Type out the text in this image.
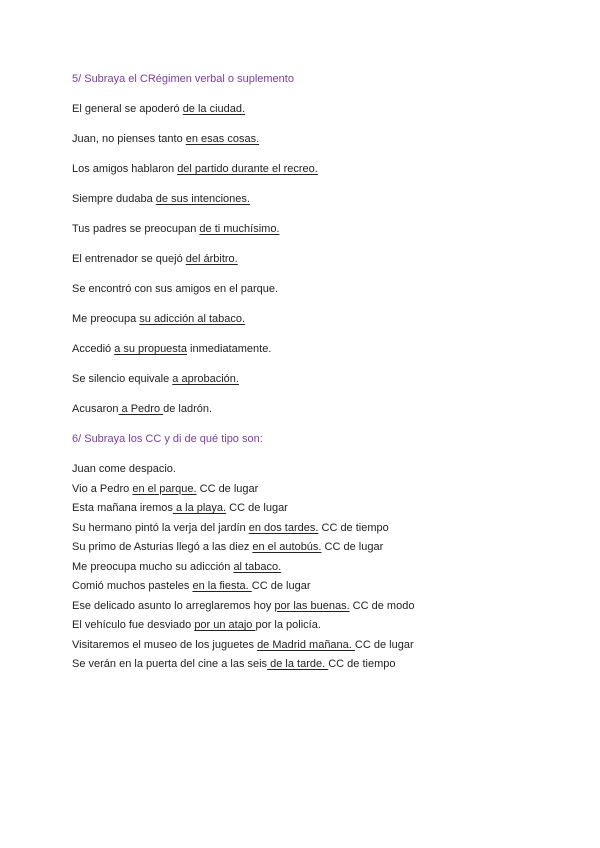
5/ Subraya el CRégimen verbal o suplemento

El general se apoderó de la ciudad.

Juan, no pienses tanto en esas cosas.

Los amigos hablaron del partido durante el recreo.

Siempre dudaba de sus intenciones.

Tus padres se preocupan de ti muchísimo.

El entrenador se quejó del árbitro.

Se encontró con sus amigos en el parque.

Me preocupa su adicción al tabaco.

Accedió a su propuesta inmediatamente.

Se silencio equivale a aprobación.

Acusaron a Pedro de ladrón.

6/ Subraya los CC y di de qué tipo son:

Juan come despacio.

Vio a Pedro en el parque. CC de lugar

Esta mañana iremos a la playa. CC de lugar

Su hermano pintó la verja del jardín en dos tardes. CC de tiempo

Su primo de Asturias llegó a las diez en el autobús. CC de lugar

Me preocupa mucho su adicción al tabaco.

Comió muchos pasteles en la fiesta. CC de lugar

Ese delicado asunto lo arreglaremos hoy por las buenas. CC de modo

El vehículo fue desviado por un atajo por la policía.

Visitaremos el museo de los juguetes de Madrid mañana. CC de lugar

Se verán en la puerta del cine a las seis de la tarde. CC de tiempo
